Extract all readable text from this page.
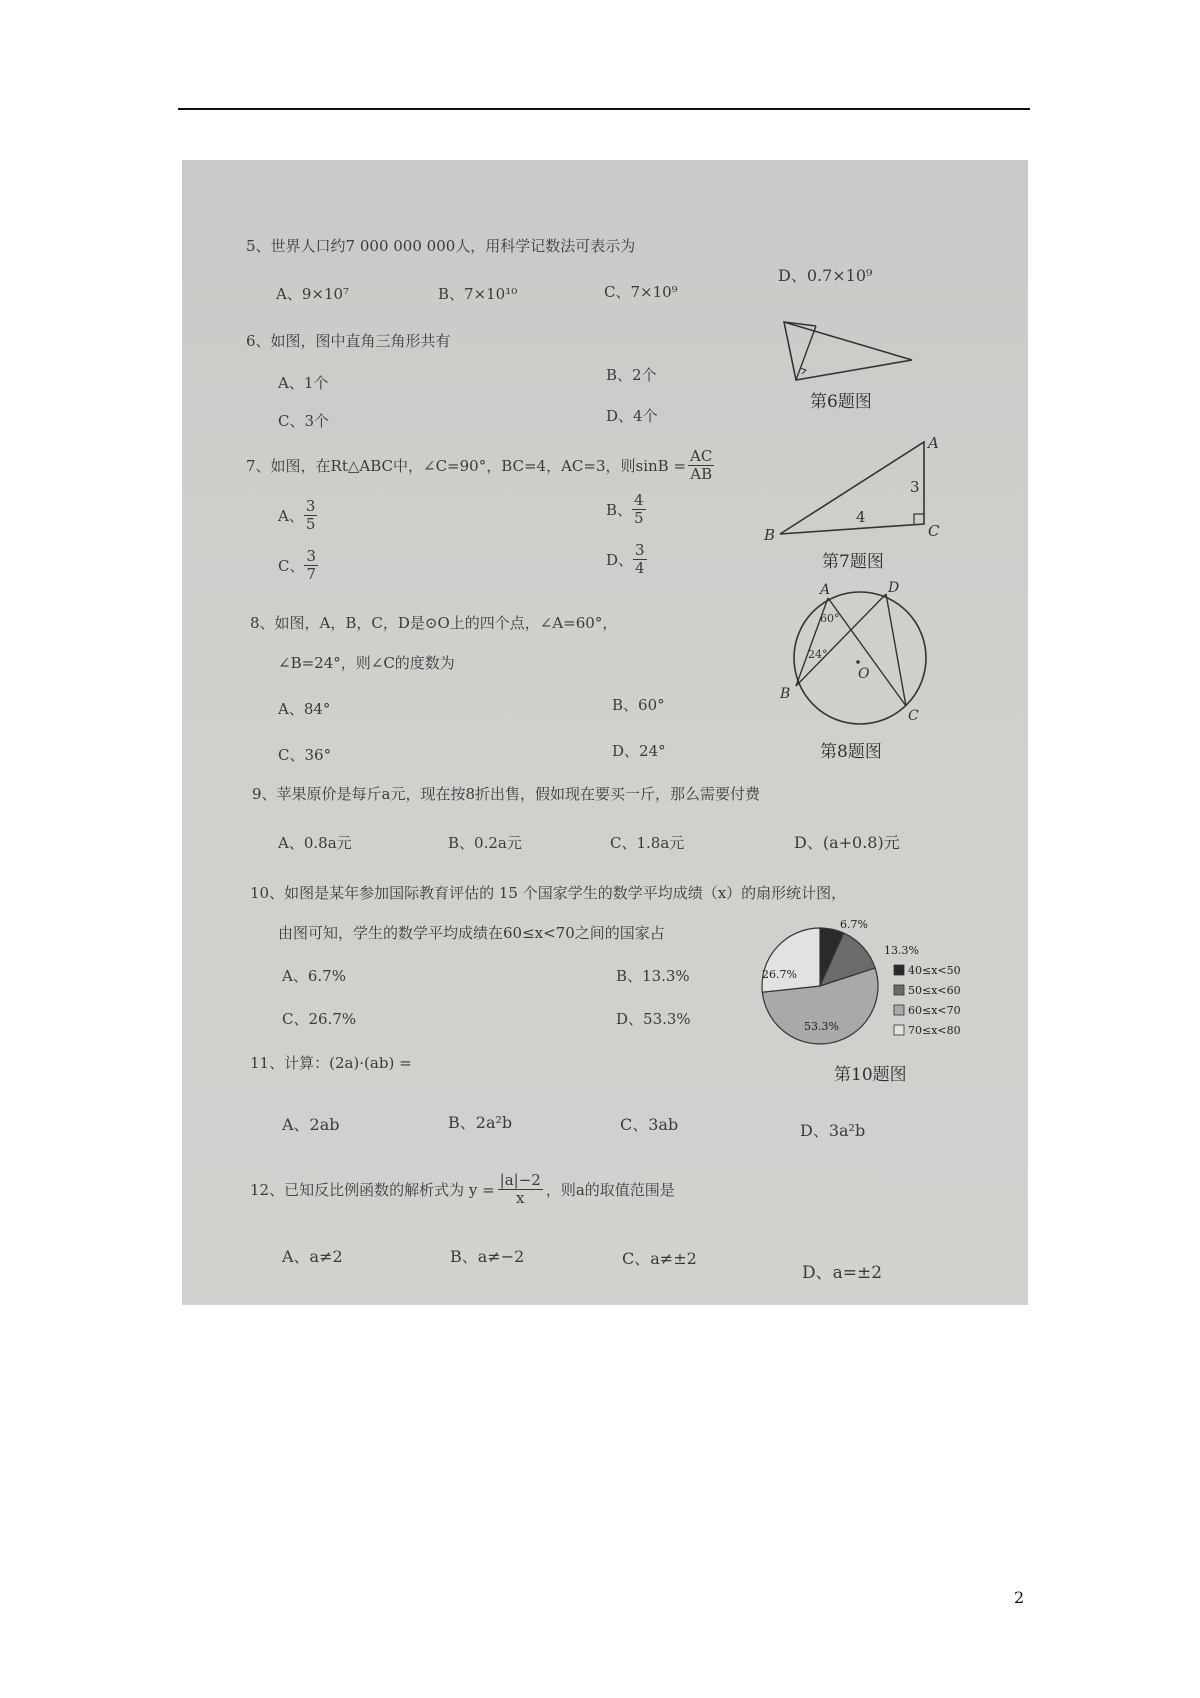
5、世界人口约7 000 000 000人，用科学记数法可表示为
A、9×10⁷	B、7×10¹⁰	C、7×10⁹
D、0.7×10⁹
6、如图，图中直角三角形共有
A、1个	B、2个
C、3个	D、4个
第6题图
7、如图，在Rt△ABC中，∠C=90°，BC=4，AC=3，则$\sin B = \frac{AC}{AB}$
A、 $\frac{3}{5}$	B、 $\frac{4}{5}$
C、 $\frac{3}{7}$	D、 $\frac{3}{4}$
A
B	C
3
4
第7题图
8、如图，A，B，C，D是⊙O上的四个点，∠A=60°，
∠B=24°，则∠C的度数为
A、84°	B、60°
C、36°	D、24°
A
B
C
D
O
60°
24°
第8题图
9、苹果原价是每斤a元，现在按8折出售，假如现在要买一斤，那么需要付费
A、0.8a元	B、0.2a元	C、1.8a元	D、(a+0.8)元
10、如图是某年参加国际教育评估的 15 个国家学生的数学平均成绩（x）的扇形统计图，
由图可知，学生的数学平均成绩在60≤x<70之间的国家占
A、6.7%	B、13.3%
C、26.7%	D、53.3%
6.7%
13.3%
53.3%
26.7%	40≤x<50
50≤x<60
60≤x<70
70≤x<80
第10题图
11、计算：(2a)·(ab) =
A、2ab	B、2a²b	C、3ab	D、3a²b
12、已知反比例函数的解析式为 $y = \frac{|a|-2}{x}$ ，则a的取值范围是
A、a≠2	B、a≠−2	C、a≠±2
D、a=±2
2
